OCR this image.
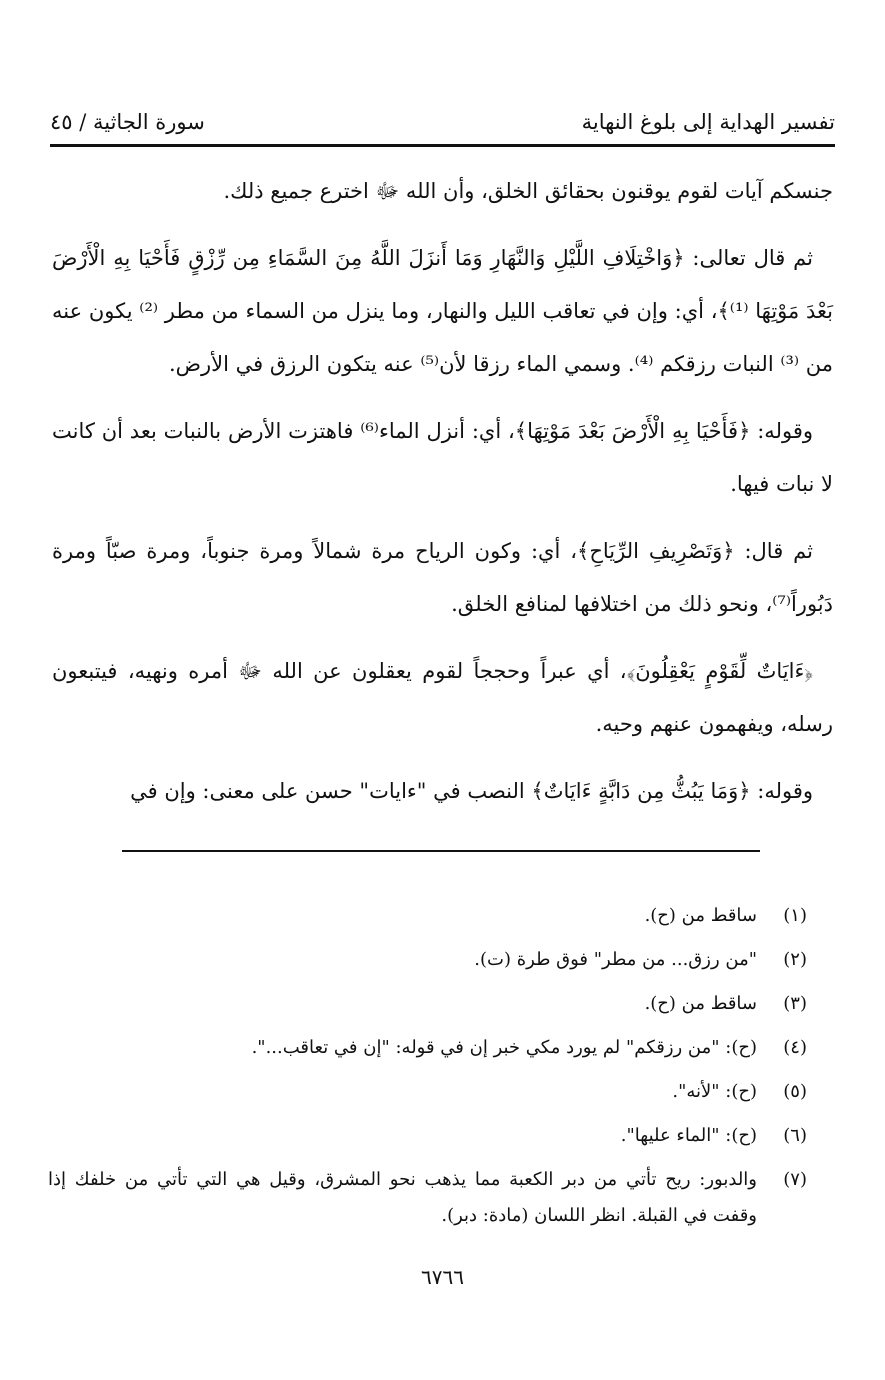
تفسير الهداية إلى بلوغ النهاية
سورة الجاثية / ٤٥

جنسكم آيات لقوم يوقنون بحقائق الخلق، وأن الله ﷻ اخترع جميع ذلك.

ثم قال تعالى: ﴿وَاخْتِلَافِ اللَّيْلِ وَالنَّهَارِ وَمَا أَنزَلَ اللَّهُ مِنَ السَّمَاءِ مِن رِّزْقٍ فَأَحْيَا بِهِ الْأَرْضَ بَعْدَ مَوْتِهَا ⁽¹⁾﴾، أي: وإن في تعاقب الليل والنهار، وما ينزل من السماء من مطر ⁽²⁾ يكون عنه من ⁽³⁾ النبات رزقكم ⁽⁴⁾. وسمي الماء رزقا لأن⁽⁵⁾ عنه يتكون الرزق في الأرض.

وقوله: ﴿فَأَحْيَا بِهِ الْأَرْضَ بَعْدَ مَوْتِهَا﴾، أي: أنزل الماء⁽⁶⁾ فاهتزت الأرض بالنبات بعد أن كانت لا نبات فيها.

ثم قال: ﴿وَتَصْرِيفِ الرِّيَاحِ﴾، أي: وكون الرياح مرة شمالاً ومرة جنوباً، ومرة صبّاً ومرة دَبُوراً⁽⁷⁾، ونحو ذلك من اختلافها لمنافع الخلق.

﴿ءَايَاتٌ لِّقَوْمٍ يَعْقِلُونَ﴾، أي عبراً وحججاً لقوم يعقلون عن الله ﷻ أمره ونهيه، فيتبعون رسله، ويفهمون عنهم وحيه.

وقوله: ﴿وَمَا يَبُثُّ مِن دَابَّةٍ ءَايَاتٌ﴾ النصب في "ءايات" حسن على معنى: وإن في

(١)
ساقط من (ح).
(٢)
"من رزق... من مطر" فوق طرة (ت).
(٣)
ساقط من (ح).
(٤)
(ح): "من رزقكم" لم يورد مكي خبر إن في قوله: "إن في تعاقب...".
(٥)
(ح): "لأنه".
(٦)
(ح): "الماء عليها".
(٧)
والدبور: ريح تأتي من دبر الكعبة مما يذهب نحو المشرق، وقيل هي التي تأتي من خلفك إذا وقفت في القبلة. انظر اللسان (مادة: دبر).
٦٧٦٦
